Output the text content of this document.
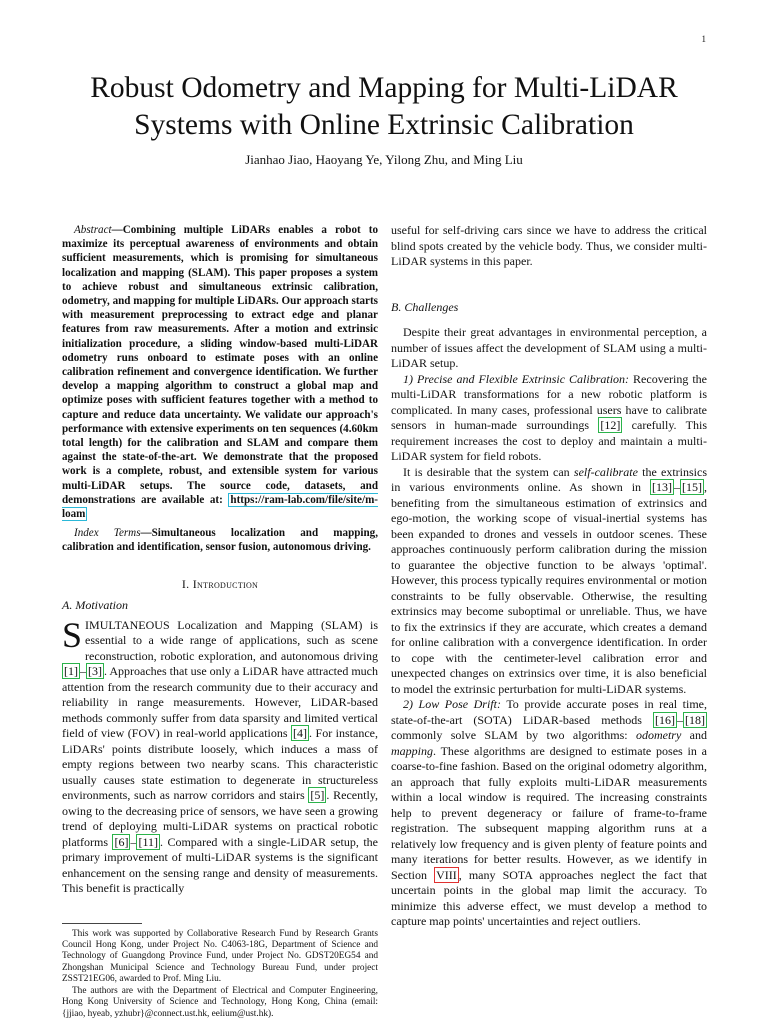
1
Robust Odometry and Mapping for Multi-LiDAR
Systems with Online Extrinsic Calibration
Jianhao Jiao, Haoyang Ye, Yilong Zhu, and Ming Liu

Abstract—Combining multiple LiDARs enables a robot to maximize its perceptual awareness of environments and obtain sufficient measurements, which is promising for simultaneous localization and mapping (SLAM). This paper proposes a system to achieve robust and simultaneous extrinsic calibration, odometry, and mapping for multiple LiDARs. Our approach starts with measurement preprocessing to extract edge and planar features from raw measurements. After a motion and extrinsic initialization procedure, a sliding window-based multi-LiDAR odometry runs onboard to estimate poses with an online calibration refinement and convergence identification. We further develop a mapping algorithm to construct a global map and optimize poses with sufficient features together with a method to capture and reduce data uncertainty. We validate our approach's performance with extensive experiments on ten sequences (4.60km total length) for the calibration and SLAM and compare them against the state-of-the-art. We demonstrate that the proposed work is a complete, robust, and extensible system for various multi-LiDAR setups. The source code, datasets, and demonstrations are available at: https://ram-lab.com/file/site/m-loam

Index Terms—Simultaneous localization and mapping, calibration and identification, sensor fusion, autonomous driving.

I. Introduction
A. Motivation

SIMULTANEOUS Localization and Mapping (SLAM) is essential to a wide range of applications, such as scene reconstruction, robotic exploration, and autonomous driving [1] – [3] . Approaches that use only a LiDAR have attracted much attention from the research community due to their accuracy and reliability in range measurements. However, LiDAR-based methods commonly suffer from data sparsity and limited vertical field of view (FOV) in real-world applications [4] . For instance, LiDARs' points distribute loosely, which induces a mass of empty regions between two nearby scans. This characteristic usually causes state estimation to degenerate in structureless environments, such as narrow corridors and stairs [5] . Recently, owing to the decreasing price of sensors, we have seen a growing trend of deploying multi-LiDAR systems on practical robotic platforms [6] – [11] . Compared with a single-LiDAR setup, the primary improvement of multi-LiDAR systems is the significant enhancement on the sensing range and density of measurements. This benefit is practically

This work was supported by Collaborative Research Fund by Research Grants Council Hong Kong, under Project No. C4063-18G, Department of Science and Technology of Guangdong Province Fund, under Project No. GDST20EG54 and Zhongshan Municipal Science and Technology Bureau Fund, under project ZSST21EG06, awarded to Prof. Ming Liu.

The authors are with the Department of Electrical and Computer Engineering, Hong Kong University of Science and Technology, Hong Kong, China (email: {jjiao, hyeab, yzhubr}@connect.ust.hk, eelium@ust.hk).

useful for self-driving cars since we have to address the critical blind spots created by the vehicle body. Thus, we consider multi-LiDAR systems in this paper.

B. Challenges

Despite their great advantages in environmental perception, a number of issues affect the development of SLAM using a multi-LiDAR setup.

1) Precise and Flexible Extrinsic Calibration: Recovering the multi-LiDAR transformations for a new robotic platform is complicated. In many cases, professional users have to calibrate sensors in human-made surroundings [12] carefully. This requirement increases the cost to deploy and maintain a multi-LiDAR system for field robots.

It is desirable that the system can self-calibrate the extrinsics in various environments online. As shown in [13] – [15] , benefiting from the simultaneous estimation of extrinsics and ego-motion, the working scope of visual-inertial systems has been expanded to drones and vessels in outdoor scenes. These approaches continuously perform calibration during the mission to guarantee the objective function to be always 'optimal'. However, this process typically requires environmental or motion constraints to be fully observable. Otherwise, the resulting extrinsics may become suboptimal or unreliable. Thus, we have to fix the extrinsics if they are accurate, which creates a demand for online calibration with a convergence identification. In order to cope with the centimeter-level calibration error and unexpected changes on extrinsics over time, it is also beneficial to model the extrinsic perturbation for multi-LiDAR systems.

2) Low Pose Drift: To provide accurate poses in real time, state-of-the-art (SOTA) LiDAR-based methods [16] – [18] commonly solve SLAM by two algorithms: odometry and mapping. These algorithms are designed to estimate poses in a coarse-to-fine fashion. Based on the original odometry algorithm, an approach that fully exploits multi-LiDAR measurements within a local window is required. The increasing constraints help to prevent degeneracy or failure of frame-to-frame registration. The subsequent mapping algorithm runs at a relatively low frequency and is given plenty of feature points and many iterations for better results. However, as we identify in Section VIII , many SOTA approaches neglect the fact that uncertain points in the global map limit the accuracy. To minimize this adverse effect, we must develop a method to capture map points' uncertainties and reject outliers.
